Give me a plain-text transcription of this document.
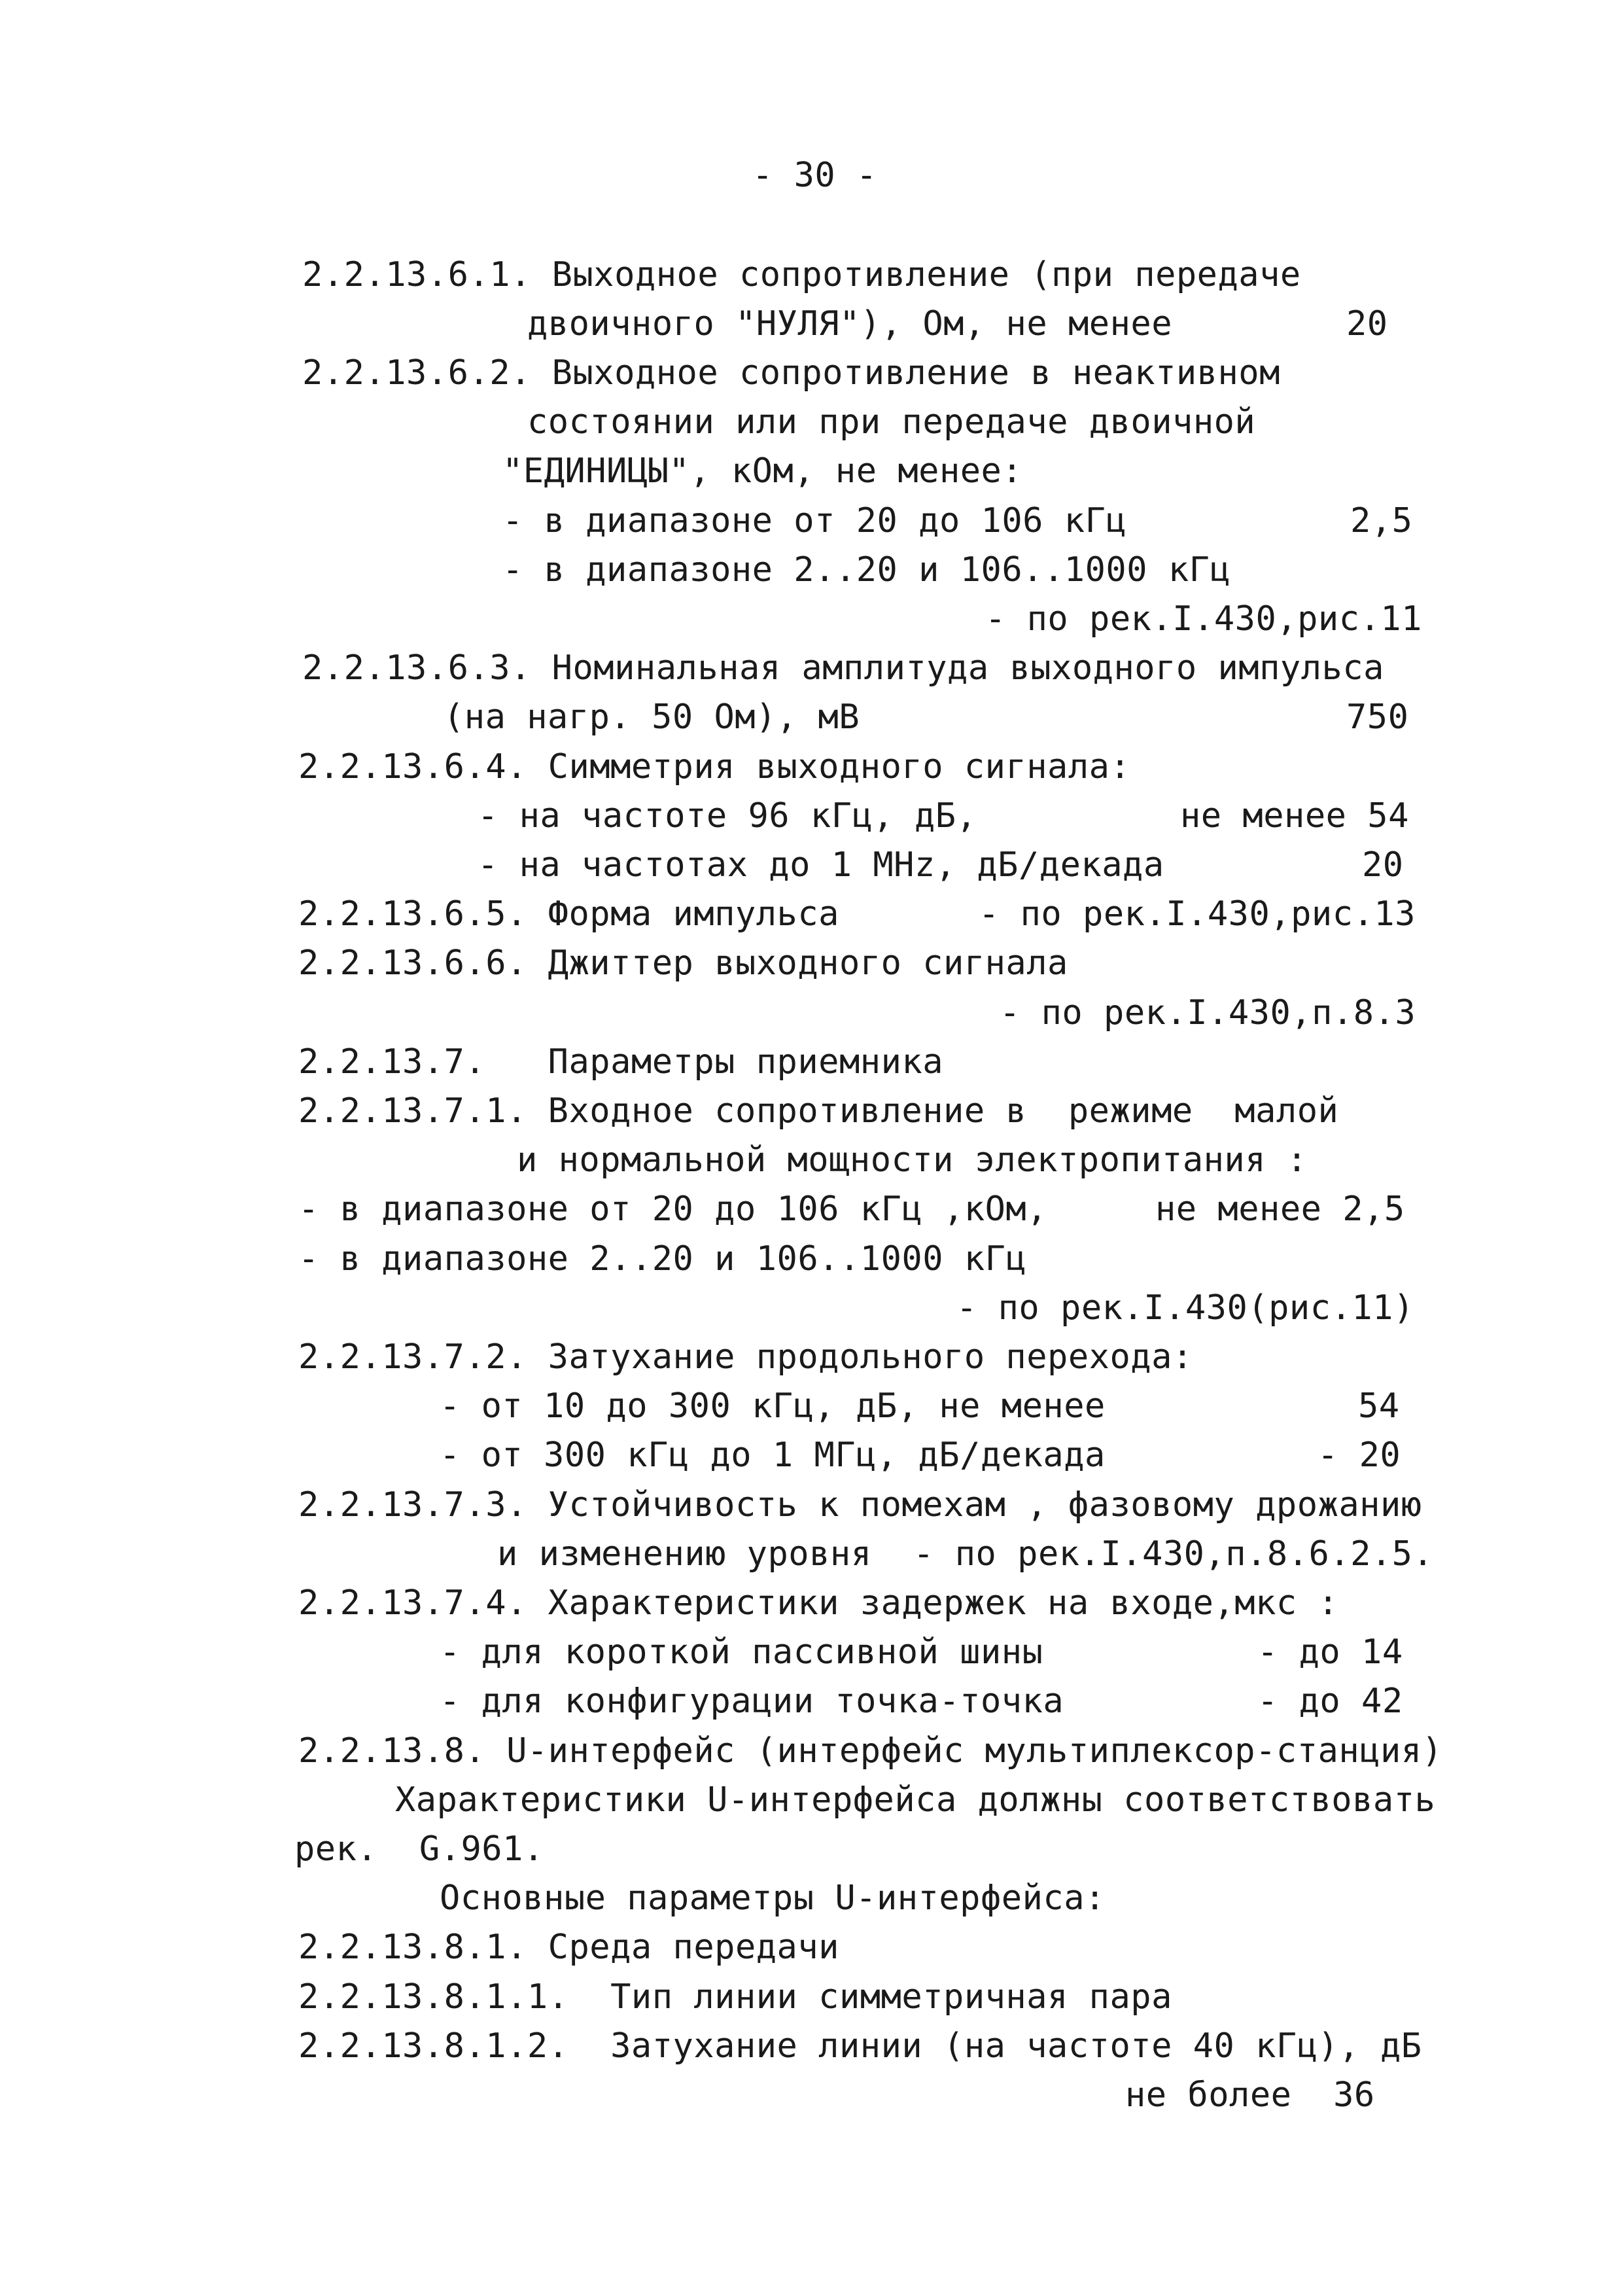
- 30 -
2.2.13.6.1. Выходное сопротивление (при передаче
двоичного "НУЛЯ"), Ом, не менее	20
2.2.13.6.2. Выходное сопротивление в неактивном
состоянии или при передаче двоичной
"ЕДИНИЦЫ", кОм, не менее:
- в диапазоне от 20 до 106 кГц	2,5
- в диапазоне 2..20 и 106..1000 кГц
- по рек.I.430,рис.11
2.2.13.6.3. Номинальная амплитуда выходного импульса
(на нагр. 50 Ом), мВ	750
2.2.13.6.4. Симметрия выходного сигнала:
- на частоте 96 кГц, дБ,	не менее 54
- на частотах до 1 MHz, дБ/декада	20
2.2.13.6.5. Форма импульса	- по рек.I.430,рис.13
2.2.13.6.6. Джиттер выходного сигнала
- по рек.I.430,п.8.3
2.2.13.7.   Параметры приемника
2.2.13.7.1. Входное сопротивление в  режиме  малой
и нормальной мощности электропитания :
- в диапазоне от 20 до 106 кГц ,кОм,	не менее 2,5
- в диапазоне 2..20 и 106..1000 кГц
- по рек.I.430(рис.11)
2.2.13.7.2. Затухание продольного перехода:
- от 10 до 300 кГц, дБ, не менее	54
- от 300 кГц до 1 МГц, дБ/декада	- 20
2.2.13.7.3. Устойчивость к помехам , фазовому дрожанию
и изменению уровня  - по рек.I.430,п.8.6.2.5.
2.2.13.7.4. Характеристики задержек на входе,мкс :
- для короткой пассивной шины	- до 14
- для конфигурации точка-точка	- до 42
2.2.13.8. U-интерфейс (интерфейс мультиплексор-станция)
Характеристики U-интерфейса должны соответствовать
рек.  G.961.
Основные параметры U-интерфейса:
2.2.13.8.1. Среда передачи
2.2.13.8.1.1.  Тип линии симметричная пара
2.2.13.8.1.2.  Затухание линии (на частоте 40 кГц), дБ
не более  36
